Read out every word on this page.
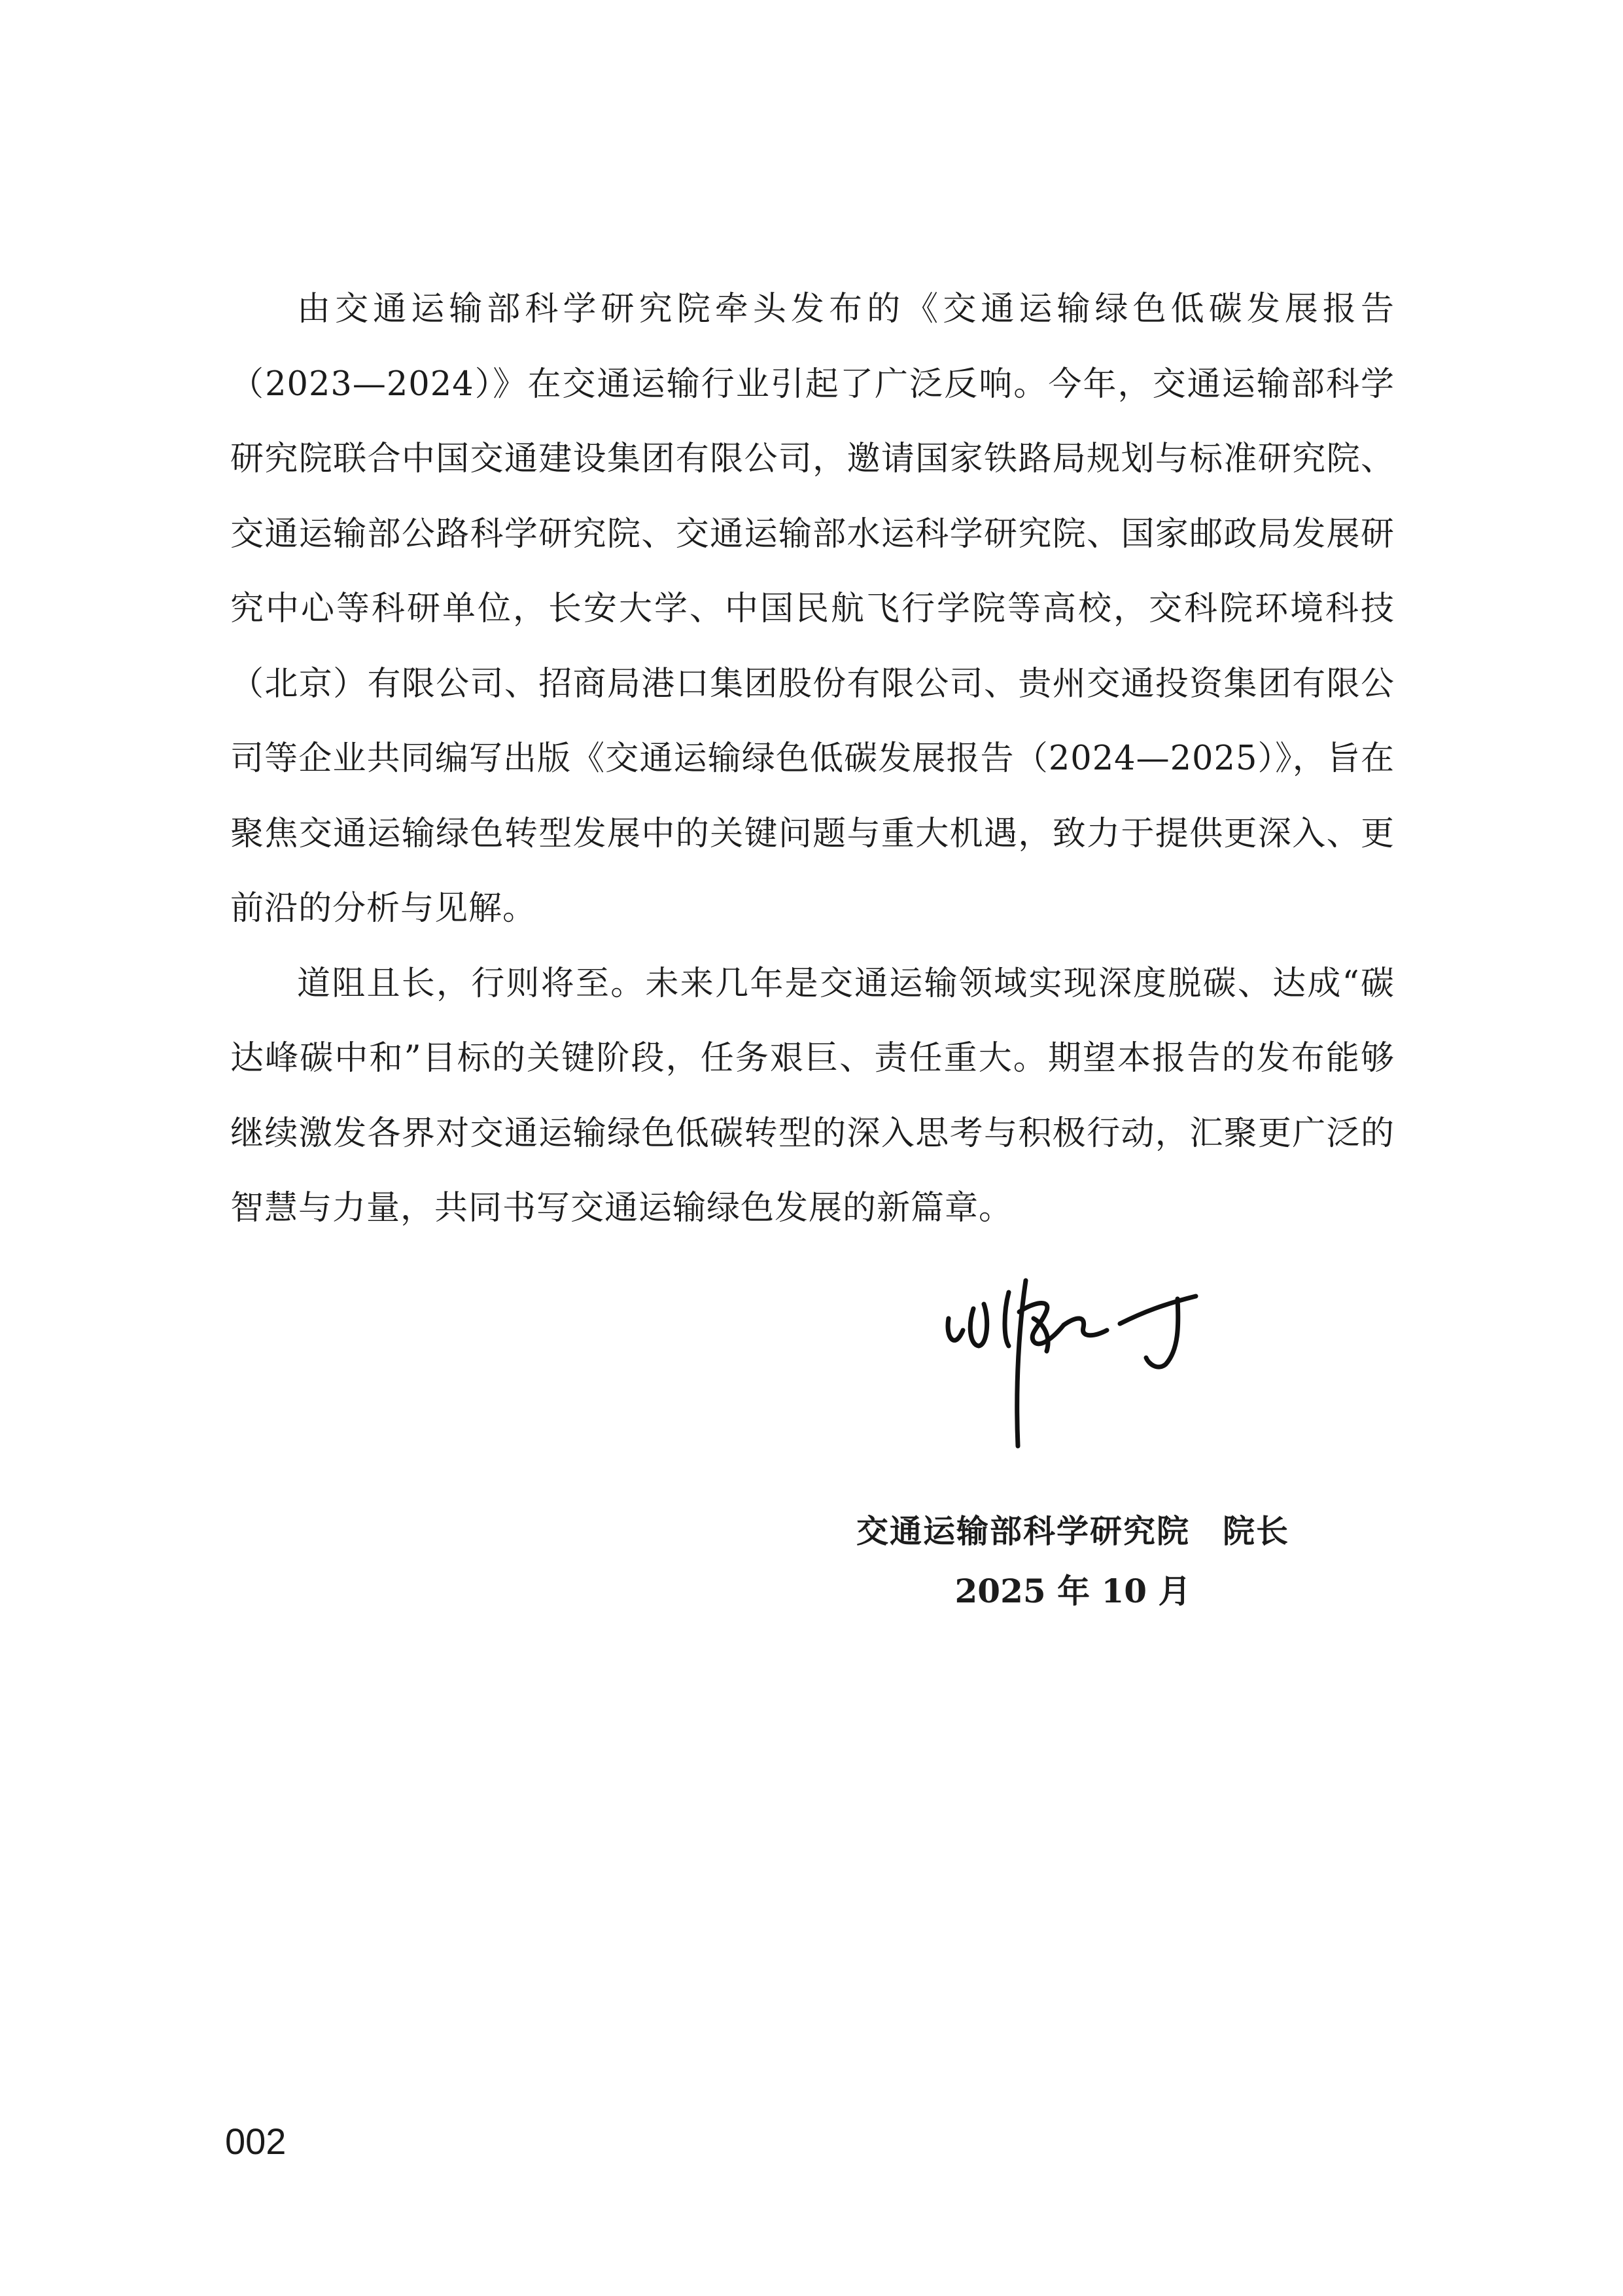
由交通运输部科学研究院牵头发布的《交通运输绿色低碳发展报告（2023—2024）》在交通运输行业引起了广泛反响。今年，交通运输部科学研究院联合中国交通建设集团有限公司，邀请国家铁路局规划与标准研究院、交通运输部公路科学研究院、交通运输部水运科学研究院、国家邮政局发展研究中心等科研单位，长安大学、中国民航飞行学院等高校，交科院环境科技（北京）有限公司、招商局港口集团股份有限公司、贵州交通投资集团有限公司等企业共同编写出版《交通运输绿色低碳发展报告（2024—2025）》，旨在聚焦交通运输绿色转型发展中的关键问题与重大机遇，致力于提供更深入、更前沿的分析与见解。

道阻且长，行则将至。未来几年是交通运输领域实现深度脱碳、达成“碳达峰碳中和”目标的关键阶段，任务艰巨、责任重大。期望本报告的发布能够继续激发各界对交通运输绿色低碳转型的深入思考与积极行动，汇聚更广泛的智慧与力量，共同书写交通运输绿色发展的新篇章。

交通运输部科学研究院 院长
2025 年 10 月
002
